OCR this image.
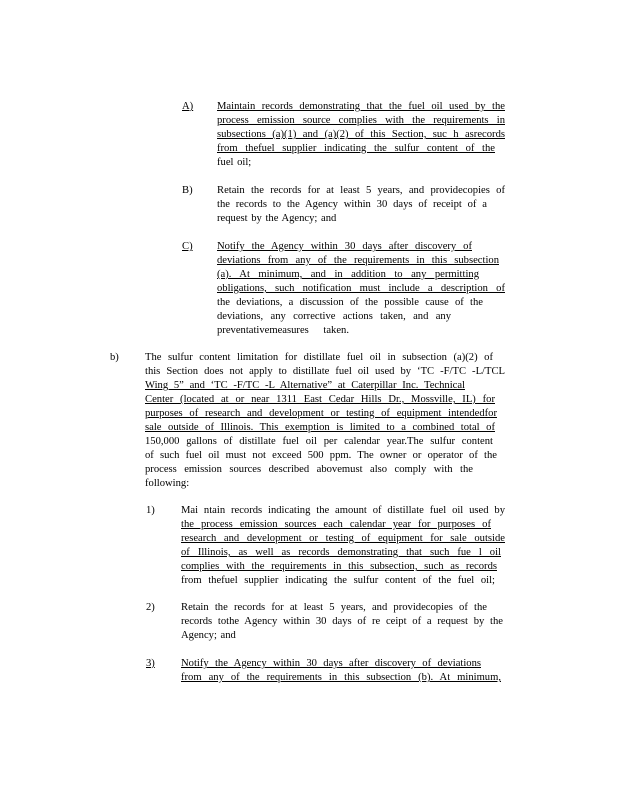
A) Maintain records demonstrating that the fuel oil used by the
process emission source complies with the requirements in
subsections (a)(1) and (a)(2) of this Section, suc h asrecords
from thefuel supplier indicating the sulfur content of the
fuel oil;
B) Retain the records for at least 5 years, and providecopies of
the records to the Agency within 30 days of receipt of a
request by the Agency; and
C) Notify the Agency within 30 days after discovery of
deviations from any of the requirements in this subsection
(a). At minimum, and in addition to any permitting
obligations, such notification must include a description of
the deviations, a discussion of the possible cause of the
deviations, any corrective actions taken, and any
preventativemeasures taken.
b) The sulfur content limitation for distillate fuel oil in subsection (a)(2) of
this Section does not apply to distillate fuel oil used by ‘TC -F/TC -L/TCL
Wing 5” and ‘TC -F/TC -L Alternative” at Caterpillar Inc. Technical
Center (located at or near 1311 East Cedar Hills Dr., Mossville, IL) for
purposes of research and development or testing of equipment intendedfor
sale outside of Illinois. This exemption is limited to a combined total of
150,000 gallons of distillate fuel oil per calendar year.The sulfur content
of such fuel oil must not exceed 500 ppm. The owner or operator of the
process emission sources described abovemust also comply with the
following:
1) Mai ntain records indicating the amount of distillate fuel oil used by
the process emission sources each calendar year for purposes of
research and development or testing of equipment for sale outside
of Illinois, as well as records demonstrating that such fue l oil
complies with the requirements in this subsection, such as records
from thefuel supplier indicating the sulfur content of the fuel oil;
2) Retain the records for at least 5 years, and providecopies of the
records tothe Agency within 30 days of re ceipt of a request by the
Agency; and
3) Notify the Agency within 30 days after discovery of deviations
from any of the requirements in this subsection (b). At minimum,
